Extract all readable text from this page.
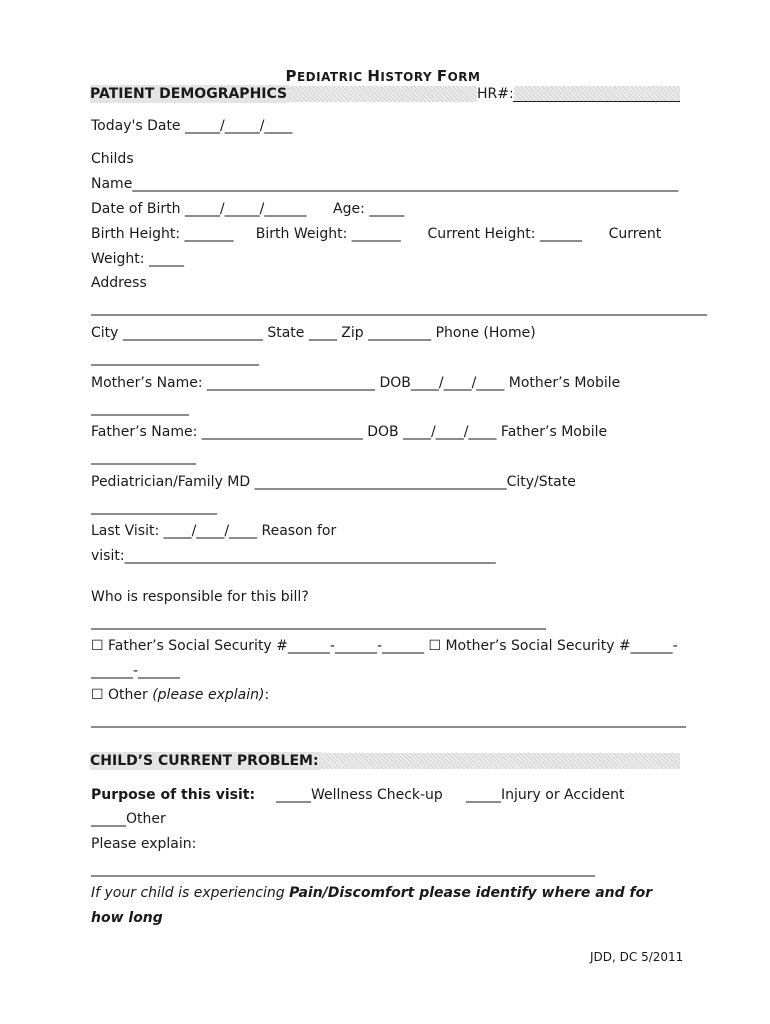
PEDIATRIC HISTORY FORM

PATIENT DEMOGRAPHICS	HR#:
Today's Date _____/_____/____
Childs
Name______________________________________________________________________________
Date of Birth _____/_____/______      Age: _____
Birth Height: _______     Birth Weight: _______      Current Height: ______      Current
Weight: _____
Address
________________________________________________________________________________________
City ____________________ State ____ Zip _________ Phone (Home)
________________________
Mother’s Name: ________________________ DOB____/____/____ Mother’s Mobile
______________
Father’s Name: _______________________ DOB ____/____/____ Father’s Mobile
_______________
Pediatrician/Family MD ____________________________________City/State
__________________
Last Visit: ____/____/____ Reason for
visit:_____________________________________________________
Who is responsible for this bill?
_________________________________________________________________
☐ Father’s Social Security #______-______-______ ☐ Mother’s Social Security #______-
______-______
☐ Other (please explain):
_____________________________________________________________________________________
CHILD’S CURRENT PROBLEM:
Purpose of this visit: _____Wellness Check-up _____Injury or Accident
_____Other
Please explain:
________________________________________________________________________
If your child is experiencing Pain/Discomfort please identify where and for
how long
JDD, DC 5/2011
